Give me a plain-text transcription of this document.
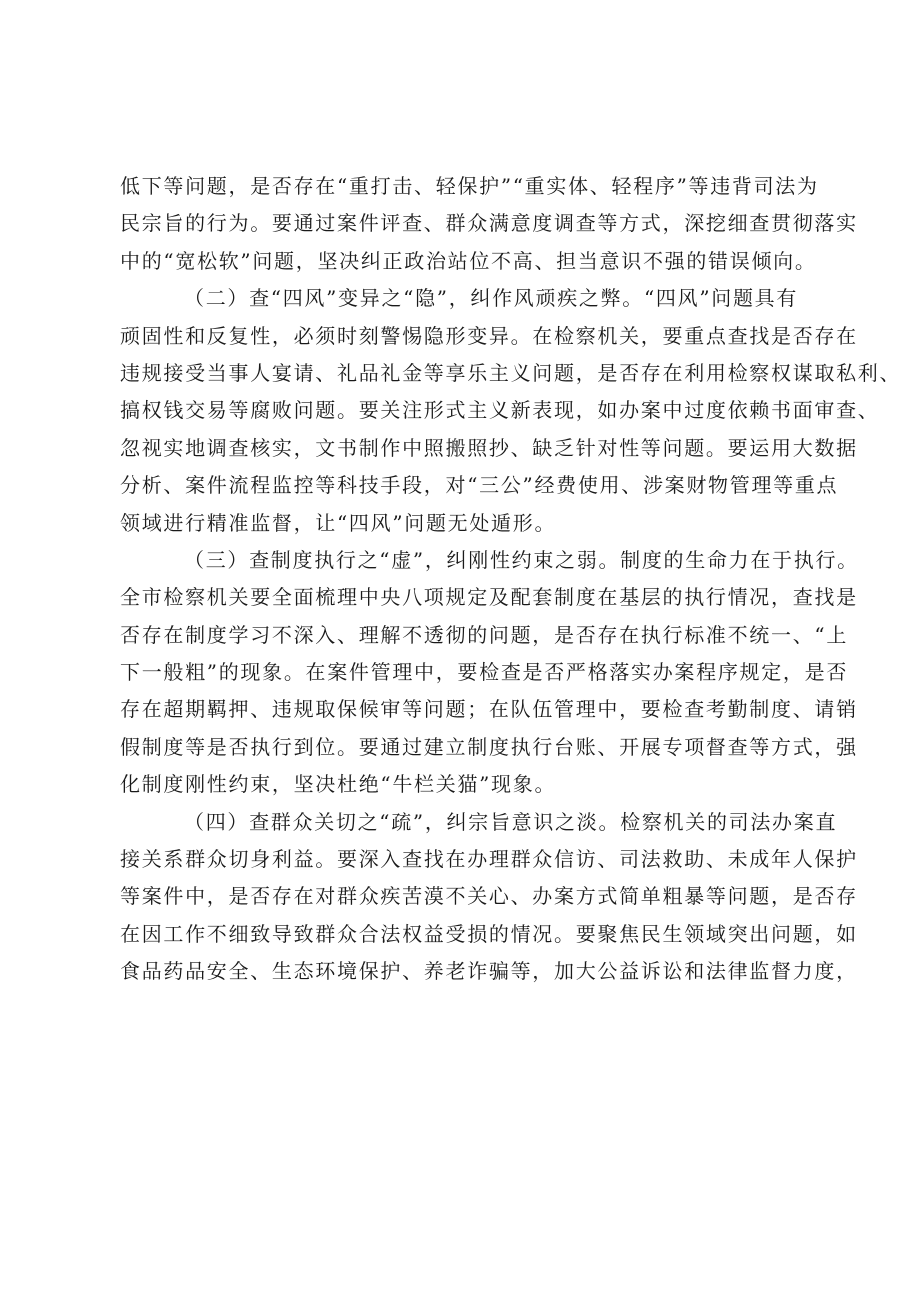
低下等问题，是否存在“重打击、轻保护”“重实体、轻程序”等违背司法为
民宗旨的行为。要通过案件评查、群众满意度调查等方式，深挖细查贯彻落实
中的“宽松软”问题，坚决纠正政治站位不高、担当意识不强的错误倾向。
（二）查“四风”变异之“隐”，纠作风顽疾之弊。“四风”问题具有
顽固性和反复性，必须时刻警惕隐形变异。在检察机关，要重点查找是否存在
违规接受当事人宴请、礼品礼金等享乐主义问题，是否存在利用检察权谋取私利、
搞权钱交易等腐败问题。要关注形式主义新表现，如办案中过度依赖书面审查、
忽视实地调查核实，文书制作中照搬照抄、缺乏针对性等问题。要运用大数据
分析、案件流程监控等科技手段，对“三公”经费使用、涉案财物管理等重点
领域进行精准监督，让“四风”问题无处遁形。
（三）查制度执行之“虚”，纠刚性约束之弱。制度的生命力在于执行。
全市检察机关要全面梳理中央八项规定及配套制度在基层的执行情况，查找是
否存在制度学习不深入、理解不透彻的问题，是否存在执行标准不统一、“上
下一般粗”的现象。在案件管理中，要检查是否严格落实办案程序规定，是否
存在超期羁押、违规取保候审等问题；在队伍管理中，要检查考勤制度、请销
假制度等是否执行到位。要通过建立制度执行台账、开展专项督查等方式，强
化制度刚性约束，坚决杜绝“牛栏关猫”现象。
（四）查群众关切之“疏”，纠宗旨意识之淡。检察机关的司法办案直
接关系群众切身利益。要深入查找在办理群众信访、司法救助、未成年人保护
等案件中，是否存在对群众疾苦漠不关心、办案方式简单粗暴等问题，是否存
在因工作不细致导致群众合法权益受损的情况。要聚焦民生领域突出问题，如
食品药品安全、生态环境保护、养老诈骗等，加大公益诉讼和法律监督力度，
